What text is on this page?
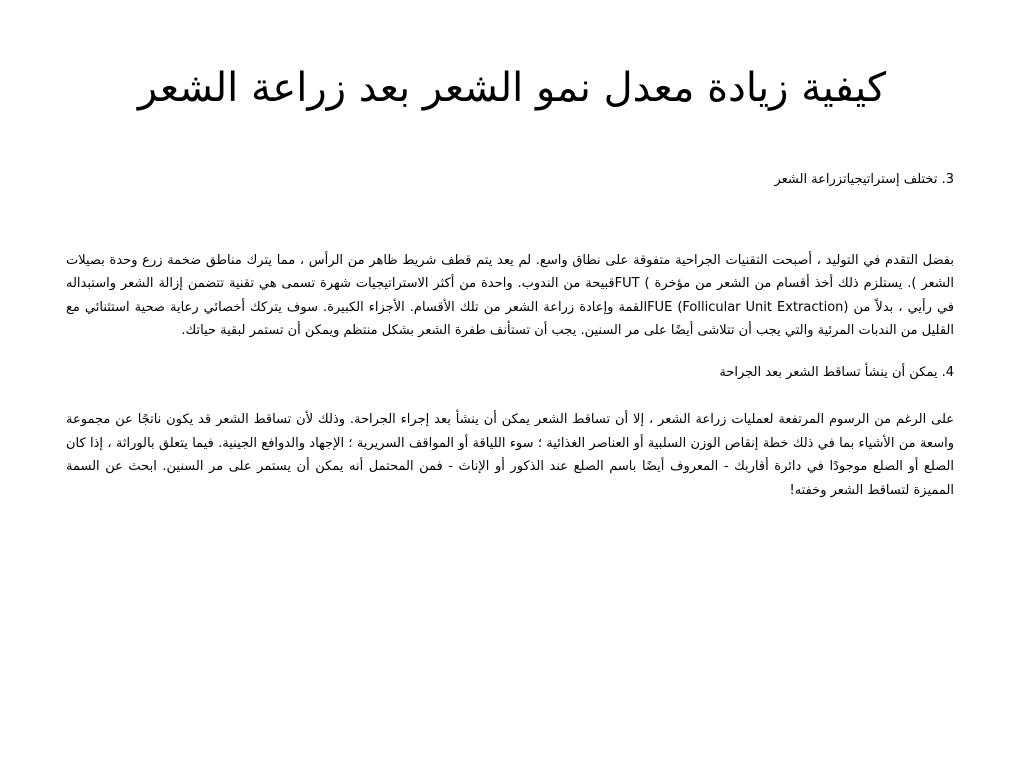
كيفية زيادة معدل نمو الشعر بعد زراعة الشعر

3. تختلف إستراتيجياتزراعة الشعر

بفضل التقدم في التوليد ، أصبحت التقنيات الجراحية متفوقة على نطاق واسع. لم يعد يتم قطف شريط ظاهر من الرأس ، مما يترك مناطق ضخمة زرع وحدة بصيلات الشعر ). يستلزم ذلك أخذ أقسام من الشعر من مؤخرة ) FUTقبيحة من الندوب. واحدة من أكثر الاستراتيجيات شهرة تسمى هي تقنية تتضمن إزالة الشعر واستبداله في رأيي ، بدلاً من FUE (Follicular Unit Extraction)القمة وإعادة زراعة الشعر من تلك الأقسام. الأجزاء الكبيرة. سوف يتركك أخصائي رعاية صحية استثنائي مع القليل من الندبات المرئية والتي يجب أن تتلاشى أيضًا على مر السنين. يجب أن تستأنف طفرة الشعر بشكل منتظم ويمكن أن تستمر لبقية حياتك.

4. يمكن أن ينشأ تساقط الشعر بعد الجراحة

على الرغم من الرسوم المرتفعة لعمليات زراعة الشعر ، إلا أن تساقط الشعر يمكن أن ينشأ بعد إجراء الجراحة. وذلك لأن تساقط الشعر قد يكون ناتجًا عن مجموعة واسعة من الأشياء بما في ذلك خطة إنقاص الوزن السلبية أو العناصر الغذائية ؛ سوء اللياقة أو المواقف السريرية ؛ الإجهاد والدوافع الجينية. فيما يتعلق بالوراثة ، إذا كان الصلع أو الصلع موجودًا في دائرة أقاربك - المعروف أيضًا باسم الصلع عند الذكور أو الإناث - فمن المحتمل أنه يمكن أن يستمر على مر السنين. ابحث عن السمة المميزة لتساقط الشعر وخفته!
